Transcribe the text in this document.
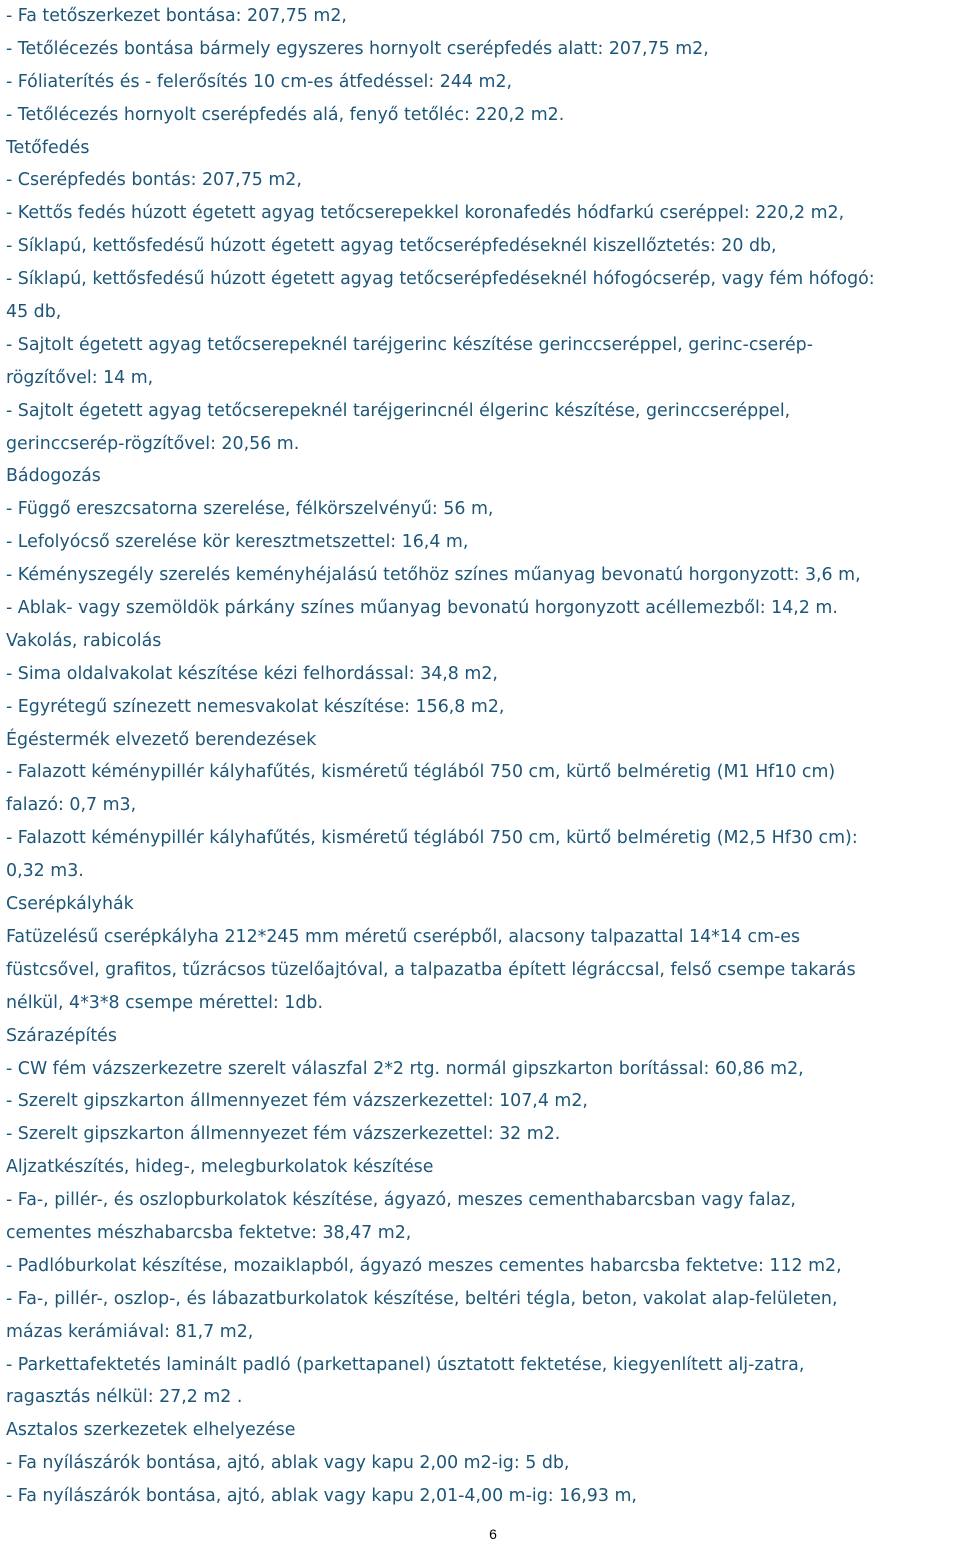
- Fa tetőszerkezet bontása: 207,75 m2,
- Tetőlécezés bontása bármely egyszeres hornyolt cserépfedés alatt: 207,75 m2,
- Fóliaterítés és - felerősítés 10 cm-es átfedéssel: 244 m2,
- Tetőlécezés hornyolt cserépfedés alá, fenyő tetőléc: 220,2 m2.
Tetőfedés
- Cserépfedés bontás: 207,75 m2,
- Kettős fedés húzott égetett agyag tetőcserepekkel koronafedés hódfarkú cseréppel: 220,2 m2,
- Síklapú, kettősfedésű húzott égetett agyag tetőcserépfedéseknél kiszellőztetés: 20 db,
- Síklapú, kettősfedésű húzott égetett agyag tetőcserépfedéseknél hófogócserép, vagy fém hófogó:
45 db,
- Sajtolt égetett agyag tetőcserepeknél taréjgerinc készítése gerinccseréppel, gerinc-cserép-
rögzítővel: 14 m,
- Sajtolt égetett agyag tetőcserepeknél taréjgerincnél élgerinc készítése, gerinccseréppel,
gerinccserép-rögzítővel: 20,56 m.
Bádogozás
- Függő ereszcsatorna szerelése, félkörszelvényű: 56 m,
- Lefolyócső szerelése kör keresztmetszettel: 16,4 m,
- Kéményszegély szerelés keményhéjalású tetőhöz színes műanyag bevonatú horgonyzott: 3,6 m,
- Ablak- vagy szemöldök párkány színes műanyag bevonatú horgonyzott acéllemezből: 14,2 m.
Vakolás, rabicolás
- Sima oldalvakolat készítése kézi felhordással: 34,8 m2,
- Egyrétegű színezett nemesvakolat készítése: 156,8 m2,
Égéstermék elvezető berendezések
- Falazott kéménypillér kályhafűtés, kisméretű téglából 750 cm, kürtő belméretig (M1 Hf10 cm)
falazó: 0,7 m3,
- Falazott kéménypillér kályhafűtés, kisméretű téglából 750 cm, kürtő belméretig (M2,5 Hf30 cm):
0,32 m3.
Cserépkályhák
Fatüzelésű cserépkályha 212*245 mm méretű cserépből, alacsony talpazattal 14*14 cm-es
füstcsővel, grafitos, tűzrácsos tüzelőajtóval, a talpazatba épített légráccsal, felső csempe takarás
nélkül, 4*3*8 csempe mérettel: 1db.
Szárazépítés
- CW fém vázszerkezetre szerelt válaszfal 2*2 rtg. normál gipszkarton borítással: 60,86 m2,
- Szerelt gipszkarton állmennyezet fém vázszerkezettel: 107,4 m2,
- Szerelt gipszkarton állmennyezet fém vázszerkezettel: 32 m2.
Aljzatkészítés, hideg-, melegburkolatok készítése
- Fa-, pillér-, és oszlopburkolatok készítése, ágyazó, meszes cementhabarcsban vagy falaz,
cementes mészhabarcsba fektetve: 38,47 m2,
- Padlóburkolat készítése, mozaiklapból, ágyazó meszes cementes habarcsba fektetve: 112 m2,
- Fa-, pillér-, oszlop-, és lábazatburkolatok készítése, beltéri tégla, beton, vakolat alap-felületen,
mázas kerámiával: 81,7 m2,
- Parkettafektetés laminált padló (parkettapanel) úsztatott fektetése, kiegyenlített alj-zatra,
ragasztás nélkül: 27,2 m2 .
Asztalos szerkezetek elhelyezése
- Fa nyílászárók bontása, ajtó, ablak vagy kapu 2,00 m2-ig: 5 db,
- Fa nyílászárók bontása, ajtó, ablak vagy kapu 2,01-4,00 m-ig: 16,93 m,
6
